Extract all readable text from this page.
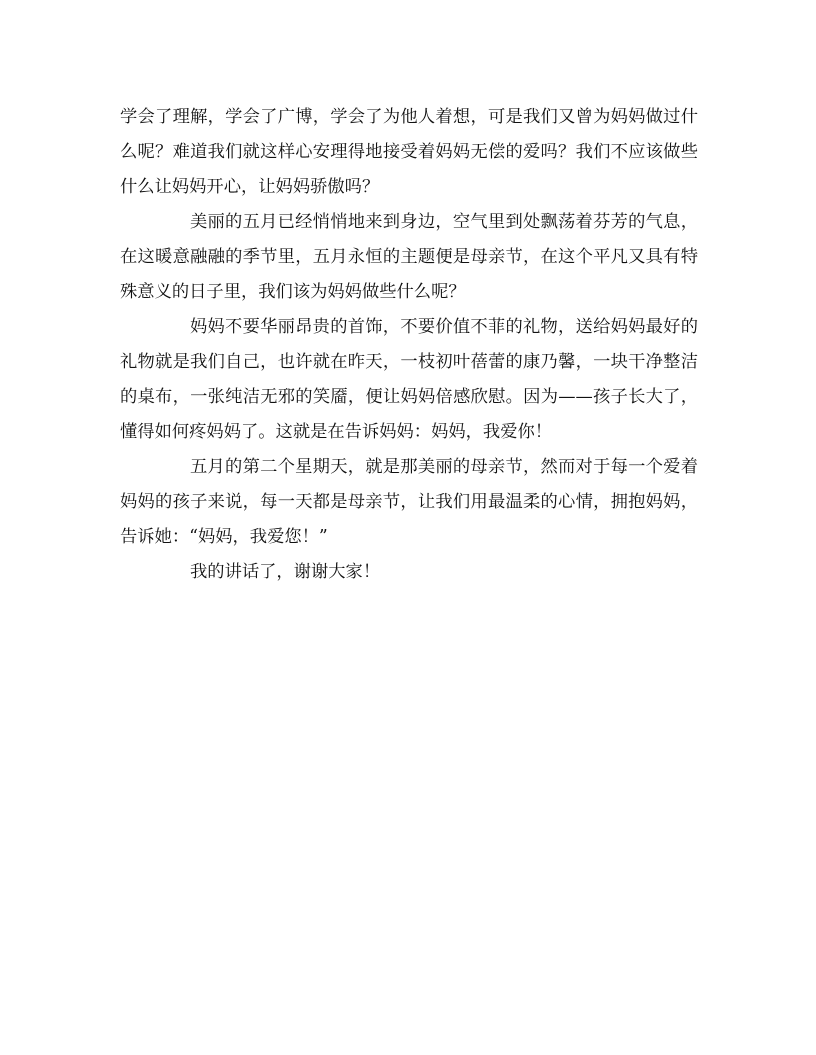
学会了理解，学会了广博，学会了为他人着想，可是我们又曾为妈妈做过什么呢？难道我们就这样心安理得地接受着妈妈无偿的爱吗？我们不应该做些什么让妈妈开心，让妈妈骄傲吗？

美丽的五月已经悄悄地来到身边，空气里到处飘荡着芬芳的气息，在这暖意融融的季节里，五月永恒的主题便是母亲节，在这个平凡又具有特殊意义的日子里，我们该为妈妈做些什么呢？

妈妈不要华丽昂贵的首饰，不要价值不菲的礼物，送给妈妈最好的礼物就是我们自己，也许就在昨天，一枝初叶蓓蕾的康乃馨，一块干净整洁的桌布，一张纯洁无邪的笑靥，便让妈妈倍感欣慰。因为——孩子长大了，懂得如何疼妈妈了。这就是在告诉妈妈：妈妈，我爱你！

五月的第二个星期天，就是那美丽的母亲节，然而对于每一个爱着妈妈的孩子来说，每一天都是母亲节，让我们用最温柔的心情，拥抱妈妈，告诉她：“妈妈，我爱您！”

我的讲话了，谢谢大家！
